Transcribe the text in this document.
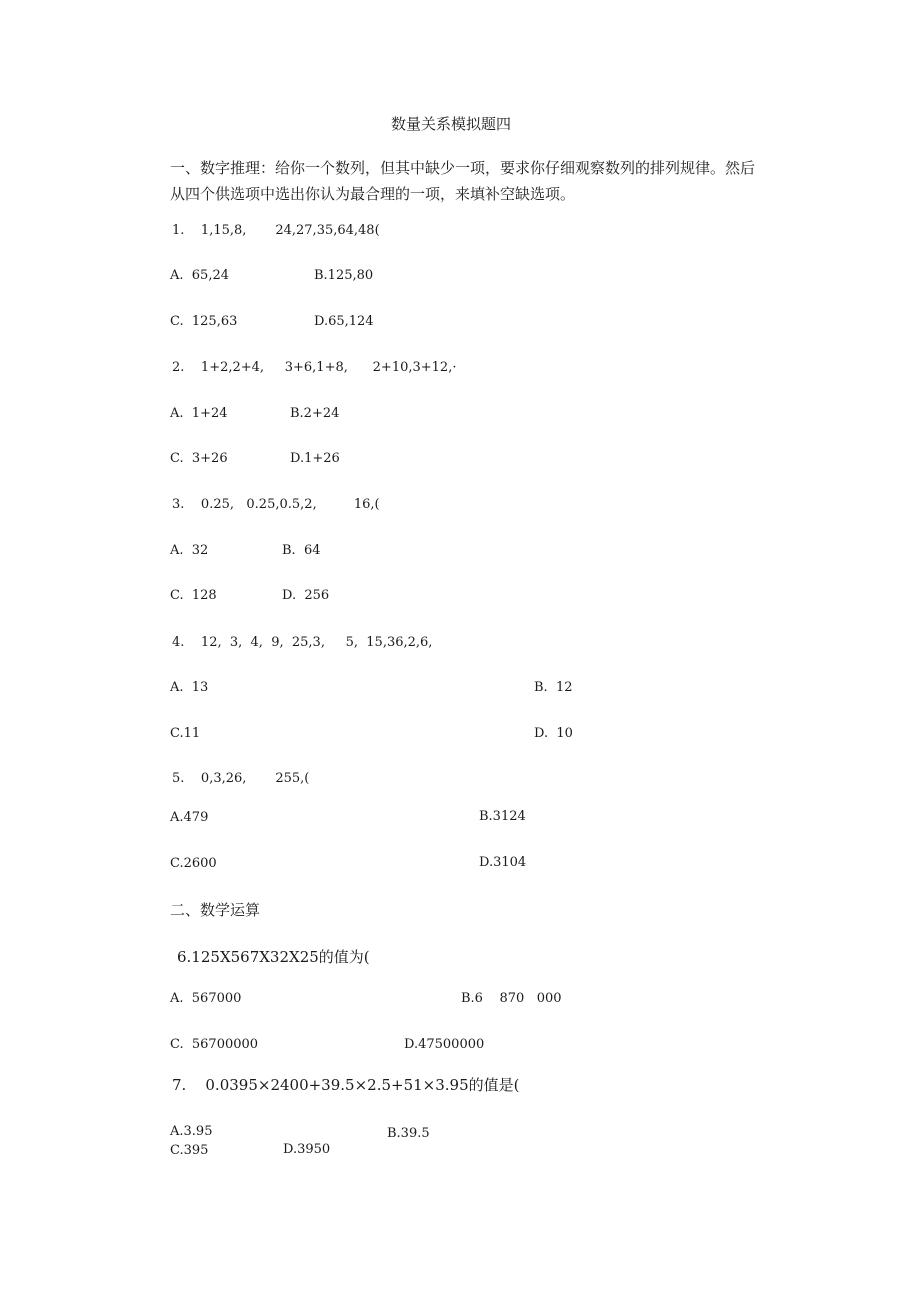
数量关系模拟题四
一、数字推理：给你一个数列，但其中缺少一项，要求你仔细观察数列的排列规律。然后
从四个供选项中选出你认为最合理的一项，来填补空缺选项。
1.    1,15,8,       24,27,35,64,48(
A.  65,24	B.125,80
C.  125,63	D.65,124
2.    1+2,2+4,     3+6,1+8,      2+10,3+12,·
A.  1+24	B.2+24
C.  3+26	D.1+26
3.    0.25,   0.25,0.5,2,         16,(
A.  32	B.  64
C.  128	D.  256
4.    12,  3,  4,  9,  25,3,     5,  15,36,2,6,
A.  13	B.  12
C.11	D.  10
5.    0,3,26,       255,(
A.479	B.3124
C.2600	D.3104
二、数学运算
6.125X567X32X25的值为(
A.  567000	B.6    870   000
C.  56700000	D.47500000
7.    0.0395×2400+39.5×2.5+51×3.95的值是(
A.3.95	B.39.5
C.395	D.3950
